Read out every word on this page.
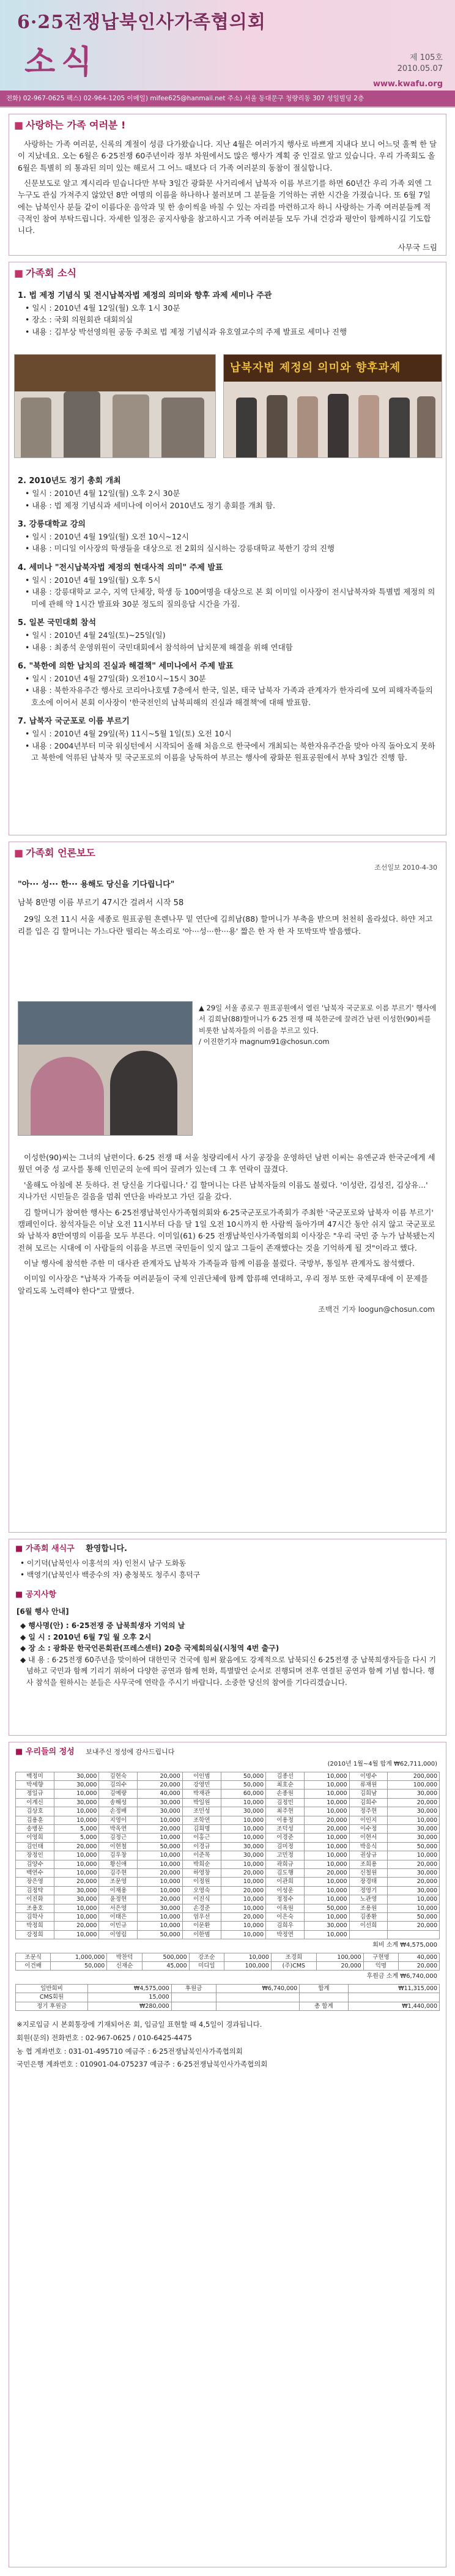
6·25전쟁납북인사가족협의회
소식	제 105호
2010.05.07
www.kwafu.org
전화) 02-967-0625 팩스) 02-964-1205 이메일) mifee625@hanmail.net 주소) 서울 동대문구 청량리동 307 성일빌딩 2층
■ 사랑하는 가족 여러분 !

사랑하는 가족 여러분, 신록의 계절이 성큼 다가왔습니다. 지난 4월은 여러가지 행사로 바쁘게 지내다 보니 어느덧 훌쩍 한 달이 지났네요. 오는 6월은 6·25전쟁 60주년이라 정부 차원에서도 많은 행사가 계획 중 인걸로 알고 있습니다. 우리 가족회도 올 6월은 특별히 의 통과된 의미 있는 해로서 그 어느 때보다 더 가족 여러분의 동참이 절실합니다.

신문보도로 알고 계시리라 믿습니다만 부탁 3일간 광화문 사거리에서 납북자 이름 부르기를 하면 60년간 우리 가족 외엔 그 누구도 관심 가져주지 않았던 8만 여명의 이름을 하나하나 불러보며 그 분들을 기억하는 귀한 시간을 가졌습니다. 또 6월 7일에는 납북인사 분들 같이 이름다운 음악과 및 한 송이씩을 바칠 수 있는 자리를 마련하고자 하니 사랑하는 가족 여러분들께 적극적인 참여 부탁드립니다. 자세한 일정은 공지사항을 참고하시고 가족 여러분들 모두 가내 건강과 평안이 함께하시길 기도합니다.

사무국 드림
■ 가족회 소식
1. 법 제정 기념식 및 전시납북자법 제정의 의미와 향후 과제 세미나 주관
• 일시 : 2010년 4월 12일(월) 오후 1시 30분
• 장소 : 국회 의원회관 대회의실
• 내용 : 김부상 박선영의원 공동 주최로 법 제정 기념식과 유호열교수의 주제 발표로 세미나 진행
납북자법 제정의 의미와 향후과제
2. 2010년도 정기 총회 개최
• 일시 : 2010년 4월 12일(월) 오후 2시 30분
• 내용 : 법 제정 기념식과 세미나에 이어서 2010년도 정기 총회를 개최 함.
3. 강릉대학교 강의
• 일시 : 2010년 4월 19일(월) 오전 10시~12시
• 내용 : 미디일 이사장의 학생들을 대상으로 전 2회의 실시하는 강릉대학교 북한기 강의 진행
4. 세미나 "전시납북자법 제정의 현대사적 의미" 주제 발표
• 일시 : 2010년 4월 19일(월) 오후 5시
• 내용 : 강릉대학교 교수, 지역 단체장, 학생 등 100여명을 대상으로 본 회 이미일 이사장이 전시납북자와 특별법 제정의 의미에 관해 약 1시간 발표와 30분 정도의 질의응답 시간을 가짐.
5. 일본 국민대회 참석
• 일시 : 2010년 4월 24일(토)~25일(일)
• 내용 : 최종석 운영위원이 국민대회에서 참석하여 납치문제 해결을 위해 연대함
6. "북한에 의한 납치의 진실과 해결책" 세미나에서 주제 발표
• 일시 : 2010년 4월 27일(화) 오전10시~15시 30분
• 내용 : 북한자유주간 행사로 코리아나호텔 7층에서 한국, 일본, 태국 납북자 가족과 관계자가 한자리에 모여 피해자족들의 호소에 이어서 본회 이사장이 '한국전인의 납북피해의 진실과 해결책'에 대해 발표함.
7. 납북자 국군포로 이름 부르기
• 일시 : 2010년 4월 29일(목) 11시~5월 1일(토) 오전 10시
• 내용 : 2004년부터 미국 워싱턴에서 시작되어 올해 처음으로 한국에서 개최되는 북한자유주간을 맞아 아직 돌아오지 못하고 북한에 억류된 납북자 및 국군포로의 이름을 낭독하여 부르는 행사에 광화문 원표공원에서 부탁 3일간 진행 함.
■ 가족회 언론보도
조선일보 2010-4-30
"아··· 성··· 한··· 용해도 당신을 기다립니다"
남북 8만명 이름 부르기 47시간 걸려서 시작 58

29일 오전 11시 서울 세종로 원표공원 흔렌나무 밑 연단에 김희남(88) 할머니가 부축을 받으며 천천히 올라섰다. 하얀 저고리를 입은 김 할머니는 가느다란 떨리는 목소리로 '아···성···한···용' 짧은 한 자 한 자 또박또박 발음했다.

▲ 29일 서울 종로구 원표공원에서 열린 '납북자 국군포로 이름 부르기' 행사에서 김희남(88)할머니가 6·25 전쟁 때 북한군에 끌려간 남편 이성한(90)씨를 비롯한 납북자들의 이름을 부르고 있다.
/ 이진한기자 magnum91@chosun.com

이성한(90)씨는 그녀의 남편이다. 6·25 전쟁 때 서울 청량리에서 사기 공장을 운영하던 남편 이씨는 유엔군과 한국군에게 세웠던 여중 성 교사를 통해 인민군의 눈에 띄어 끌려가 있는데 그 후 연락이 끊겼다.

'올해도 아침에 본 듯하다. 전 당신을 기다립니다.' 김 할머니는 다른 납북자들의 이름도 불렀다. '이성란, 김성진, 김상유...' 지나가던 시민들은 걸음을 멈춰 연단을 바라보고 가던 길을 갔다.

김 할머니가 참여한 행사는 6·25전쟁납북인사가족협의회와 6·25국군포로가족회가 주최한 '국군포로와 납북자 이름 부르기' 캠페인이다. 참석자들은 이날 오전 11시부터 다음 달 1일 오전 10시까지 한 사람씩 돌아가며 47시간 동안 쉬지 않고 국군포로와 납북자 8만여명의 이름을 모두 부른다. 이미일(61) 6·25 전쟁납북인사가족협의회 이사장은 "우리 국민 중 누가 납북됐는지 전혀 모르는 시대에 이 사람들의 이름을 부르면 국민들이 잊지 않고 그들이 존재했다는 것을 기억하게 될 것"이라고 했다.

이날 행사에 참석한 주한 미 대사관 관계자도 납북자 가족들과 함께 이름을 불렀다. 국방부, 통일부 관계자도 참석했다.

이미일 이사장은 "납북자 가족들 여러분들이 국제 인권단체에 함께 합류해 연대하고, 우리 정부 또한 국제무대에 이 문제를 알리도록 노력해야 한다"고 말했다.

조백건 기자 loogun@chosun.com
■ 가족회 새식구 환영합니다.
• 이기덕(납북인사 이홍석의 자) 인천시 남구 도화동
• 백영기(납북인사 백중수의 자) 충청북도 청주시 흥덕구
■ 공지사항
[6월 행사 안내]
◆ 행사명(안) : 6·25전쟁 중 납북희생자 기억의 날
◆ 일 시 : 2010년 6월 7일 월 오후 2시
◆ 장 소 : 광화문 한국언론회관(프레스센터) 20층 국제회의실(시청역 4번 출구)
◆ 내 용 : 6·25전쟁 60주년을 맞이하여 대한민국 건국에 힘써 왔음에도 강제적으로 납북되신 6·25전쟁 중 납북희생자들을 다시 기념하고 국민과 함께 기리기 위하여 다양한 공연과 함께 헌화, 특별발언 순서로 진행되며 전후 연결된 공연과 함께 기념 합니다. 행사 참석을 원하시는 분들은 사무국에 연락을 주시기 바랍니다. 소중한 당신의 참여를 기다리겠습니다.
■ 우리들의 정성 보내주신 정성에 감사드립니다
(2010년 1월~4월 합계 ₩62,711,000)
백정미	30,000	김현숙	20,000	이인범	50,000	김종선	10,000	이명수	200,000
박세향	30,000	김의수	20,000	강영민	50,000	최호순	10,000	류재원	100,000
정일규	10,000	김예량	40,000	박재관	60,000	손종원	10,000	김희남	30,000
이계신	30,000	송해성	30,000	박일원	10,000	김정민	10,000	김희수	20,000
김상호	10,000	손정배	30,000	조민성	30,000	최주현	10,000	정주현	30,000
김용훈	10,000	지영이	10,000	조학연	10,000	이용정	20,000	이인지	10,000
송병문	5,000	박옥연	20,000	김희명	10,000	조덕성	20,000	이수정	30,000
이영희	5,000	김정근	10,000	이홍근	10,000	이경준	10,000	이현서	30,000
김인태	20,000	이현철	50,000	이경규	30,000	김미정	10,000	박응식	50,000
장정인	10,000	김우창	10,000	이준목	30,000	고민정	10,000	권상규	10,000
김양수	10,000	황신애	10,000	박희순	10,000	곽희규	10,000	조희용	20,000
백연수	10,000	김주현	20,000	하영창	20,000	김도행	20,000	신철원	30,000
장은영	20,000	조문영	10,000	이정원	10,000	이관희	10,000	장경태	20,000
김정탁	30,000	이재용	10,000	오영숙	20,000	이성운	10,000	정영기	30,000
이진화	30,000	윤정현	20,000	이진식	10,000	정정수	10,000	노관영	10,000
조용호	10,000	서은영	30,000	손경준	10,000	이옥원	50,000	조용원	10,000
김학사	10,000	이태은	10,000	엄우선	20,000	이은숙	10,000	김종환	50,000
박정희	20,000	이민규	10,000	이문환	10,000	김희우	30,000	이선희	20,000
강정희	10,000	이영림	50,000	이한범	10,000	박정연	10,000		
회비 소계 ₩4,575,000
조문식	1,000,000	박찬덕	500,000	강조순	10,000	조경희	100,000	구현명	40,000
이건배	50,000	신재순	45,000	미디일	100,000	(주)CMS	20,000	익명	20,000
후원금 소계 ₩6,740,000
일반회비	₩4,575,000	후원금	₩6,740,000	합계	₩11,315,000
CMS회원	15,000				
정기 후원금	₩280,000			총 합계	₩1,440,000
※지로입금 시 본회통장에 기재되어온 회, 입금일 표현할 때 4,5일이 경과됩니다.
회원(문의) 전화번호 : 02-967-0625 / 010-6425-4475
농 협 계좌번호 : 031-01-495710 예금주 : 6·25전쟁납북인사가족협의회
국민은행 계좌번호 : 010901-04-075237 예금주 : 6·25전쟁납북인사가족협의회
